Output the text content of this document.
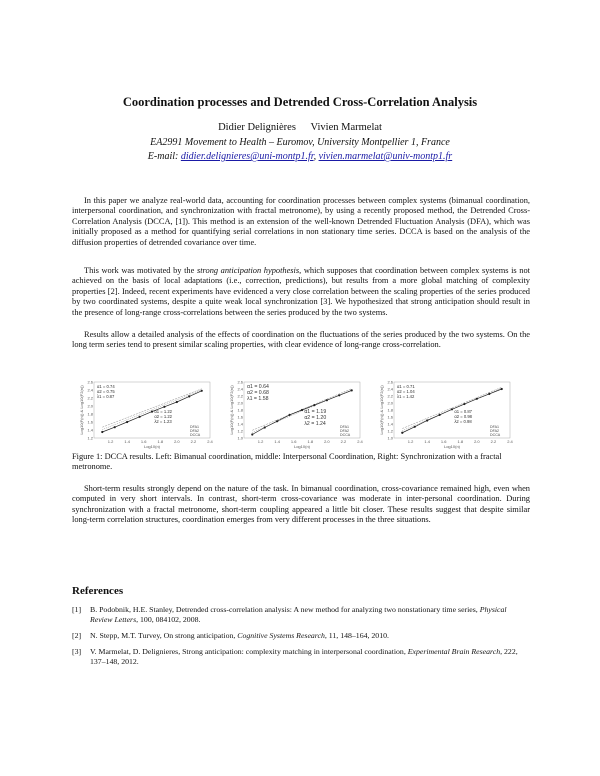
Coordination processes and Detrended Cross-Correlation Analysis
Didier Delignières Vivien Marmelat
EA2991 Movement to Health – Euromov, University Montpellier 1, France
E-mail: didier.delignieres@uni-montp1.fr, vivien.marmelat@univ-montp1.fr

In this paper we analyze real-world data, accounting for coordination processes between complex systems (bimanual coordination, interpersonal coordination, and synchronization with fractal metronome), by using a recently proposed method, the Detrended Cross-Correlation Analysis (DCCA, [1]). This method is an extension of the well-known Detrended Fluctuation Analysis (DFA), which was initially proposed as a method for quantifying serial correlations in non stationary time series. DCCA is based on the analysis of the diffusion properties of detrended covariance over time.

This work was motivated by the strong anticipation hypothesis, which supposes that coordination between complex systems is not achieved on the basis of local adaptations (i.e., correction, predictions), but results from a more global matching of complexity properties [2]. Indeed, recent experiments have evidenced a very close correlation between the scaling properties of the series produced by two coordinated systems, despite a quite weak local synchronization [3]. We hypothesized that strong anticipation should result in the presence of long-range cross-correlations between the series produced by the two systems.

Results allow a detailed analysis of the effects of coordination on the fluctuations of the series produced by the two systems. On the long term series tend to present similar scaling properties, with clear evidence of long-range cross-correlation.

1.2	1.4	1.6	1.8	2.0	2.2	2.4
Log10(n)
Log10(F(n)) & Log10(F2(n))
1.2
1.4
1.6
1.8
2.0
2.2
2.4
2.6
α1 = 0.74
α2 = 0.75
λ1 = 0.87
α1 = 1.22
α2 = 1.22
λ2 = 1.23
DFA1
DFA2
DCCA
1.2	1.4	1.6	1.8	2.0	2.2	2.4
Log10(n)
Log10(F(n)) & Log10(F2(n))
1.0
1.2
1.4
1.6
1.8
2.0
2.2
2.4
2.6
α1 = 0.64
α2 = 0.68
λ1 = 1.58
α1 = 1.19
α2 = 1.20
λ2 = 1.24
DFA1
DFA2
DCCA
1.2	1.4	1.6	1.8	2.0	2.2	2.4
Log10(n)
Log10(F(n)) & Log10(F2(n))
1.0
1.2
1.4
1.6
1.8
2.0
2.2
2.4
2.6
α1 = 0.71
α2 = 1.04
λ1 = 1.42
α1 = 0.87
α2 = 0.98
λ2 = 0.98
DFA1
DFA2
DCCA
Figure 1: DCCA results. Left: Bimanual coordination, middle: Interpersonal Coordination, Right: Synchronization with a fractal metronome.

Short-term results strongly depend on the nature of the task. In bimanual coordination, cross-covariance remained high, even when computed in very short intervals. In contrast, short-term cross-covariance was moderate in inter-personal coordination. During synchronization with a fractal metronome, short-term coupling appeared a little bit closer. These results suggest that despite similar long-term correlation structures, coordination emerges from very different processes in the three situations.

References
[1] B. Podobnik, H.E. Stanley, Detrended cross-correlation analysis: A new method for analyzing two nonstationary time series, Physical Review Letters, 100, 084102, 2008.
[2] N. Stepp, M.T. Turvey, On strong anticipation, Cognitive Systems Research, 11, 148–164, 2010.
[3] V. Marmelat, D. Delignieres, Strong anticipation: complexity matching in interpersonal coordination, Experimental Brain Research, 222, 137–148, 2012.
